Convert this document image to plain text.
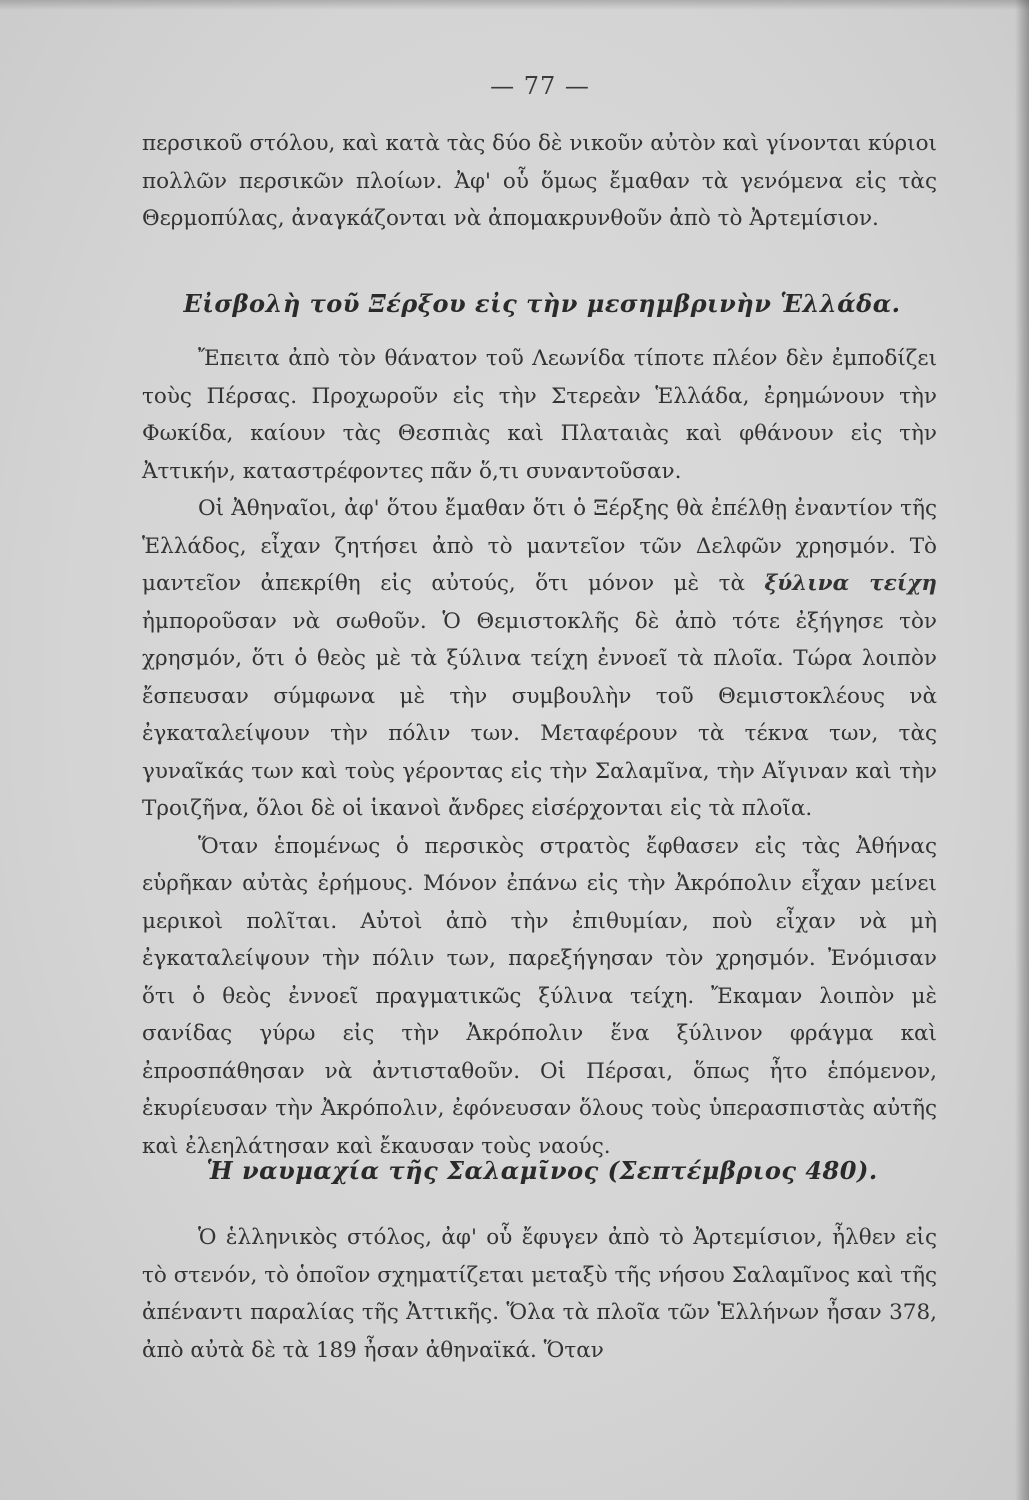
— 77 —

περσικοῦ στόλου, καὶ κατὰ τὰς δύο δὲ νικοῦν αὐτὸν καὶ γίνονται κύριοι πολλῶν περσικῶν πλοίων. Ἀφ' οὗ ὅμως ἔμαθαν τὰ γενόμενα εἰς τὰς Θερμοπύλας, ἀναγκάζονται νὰ ἀπομακρυνθοῦν ἀπὸ τὸ Ἀρτεμίσιον.

Εἰσβολὴ τοῦ Ξέρξου εἰς τὴν μεσημβρινὴν Ἑλλάδα.

Ἔπειτα ἀπὸ τὸν θάνατον τοῦ Λεωνίδα τίποτε πλέον δὲν ἐμποδίζει τοὺς Πέρσας. Προχωροῦν εἰς τὴν Στερεὰν Ἑλλάδα, ἐρημώνουν τὴν Φωκίδα, καίουν τὰς Θεσπιὰς καὶ Πλαταιὰς καὶ φθάνουν εἰς τὴν Ἀττικήν, καταστρέφοντες πᾶν ὅ,τι συναντοῦσαν.

Οἱ Ἀθηναῖοι, ἀφ' ὅτου ἔμαθαν ὅτι ὁ Ξέρξης θὰ ἐπέλθῃ ἐναντίον τῆς Ἑλλάδος, εἶχαν ζητήσει ἀπὸ τὸ μαντεῖον τῶν Δελφῶν χρησμόν. Τὸ μαντεῖον ἀπεκρίθη εἰς αὐτούς, ὅτι μόνον μὲ τὰ ξύλινα τείχη ἠμποροῦσαν νὰ σωθοῦν. Ὁ Θεμιστοκλῆς δὲ ἀπὸ τότε ἐξήγησε τὸν χρησμόν, ὅτι ὁ θεὸς μὲ τὰ ξύλινα τείχη ἐννοεῖ τὰ πλοῖα. Τώρα λοιπὸν ἔσπευσαν σύμφωνα μὲ τὴν συμβουλὴν τοῦ Θεμιστοκλέους νὰ ἐγκαταλείψουν τὴν πόλιν των. Μεταφέρουν τὰ τέκνα των, τὰς γυναῖκάς των καὶ τοὺς γέροντας εἰς τὴν Σαλαμῖνα, τὴν Αἴγιναν καὶ τὴν Τροιζῆνα, ὅλοι δὲ οἱ ἱκανοὶ ἄνδρες εἰσέρχονται εἰς τὰ πλοῖα.

Ὅταν ἑπομένως ὁ περσικὸς στρατὸς ἔφθασεν εἰς τὰς Ἀθήνας εὑρῆκαν αὐτὰς ἐρήμους. Μόνον ἐπάνω εἰς τὴν Ἀκρόπολιν εἶχαν μείνει μερικοὶ πολῖται. Αὐτοὶ ἀπὸ τὴν ἐπιθυμίαν, ποὺ εἶχαν νὰ μὴ ἐγκαταλείψουν τὴν πόλιν των, παρεξήγησαν τὸν χρησμόν. Ἐνόμισαν ὅτι ὁ θεὸς ἐννοεῖ πραγματικῶς ξύλινα τείχη. Ἔκαμαν λοιπὸν μὲ σανίδας γύρω εἰς τὴν Ἀκρόπολιν ἕνα ξύλινον φράγμα καὶ ἐπροσπάθησαν νὰ ἀντισταθοῦν. Οἱ Πέρσαι, ὅπως ἦτο ἑπόμενον, ἐκυρίευσαν τὴν Ἀκρόπολιν, ἐφόνευσαν ὅλους τοὺς ὑπερασπιστὰς αὐτῆς καὶ ἐλεηλάτησαν καὶ ἔκαυσαν τοὺς ναούς.

Ἡ ναυμαχία τῆς Σαλαμῖνος (Σεπτέμβριος 480).

Ὁ ἑλληνικὸς στόλος, ἀφ' οὗ ἔφυγεν ἀπὸ τὸ Ἀρτεμίσιον, ἦλθεν εἰς τὸ στενόν, τὸ ὁποῖον σχηματίζεται μεταξὺ τῆς νήσου Σαλαμῖνος καὶ τῆς ἀπέναντι παραλίας τῆς Ἀττικῆς. Ὅλα τὰ πλοῖα τῶν Ἑλλήνων ἦσαν 378, ἀπὸ αὐτὰ δὲ τὰ 189 ἦσαν ἀθηναϊκά. Ὅταν
